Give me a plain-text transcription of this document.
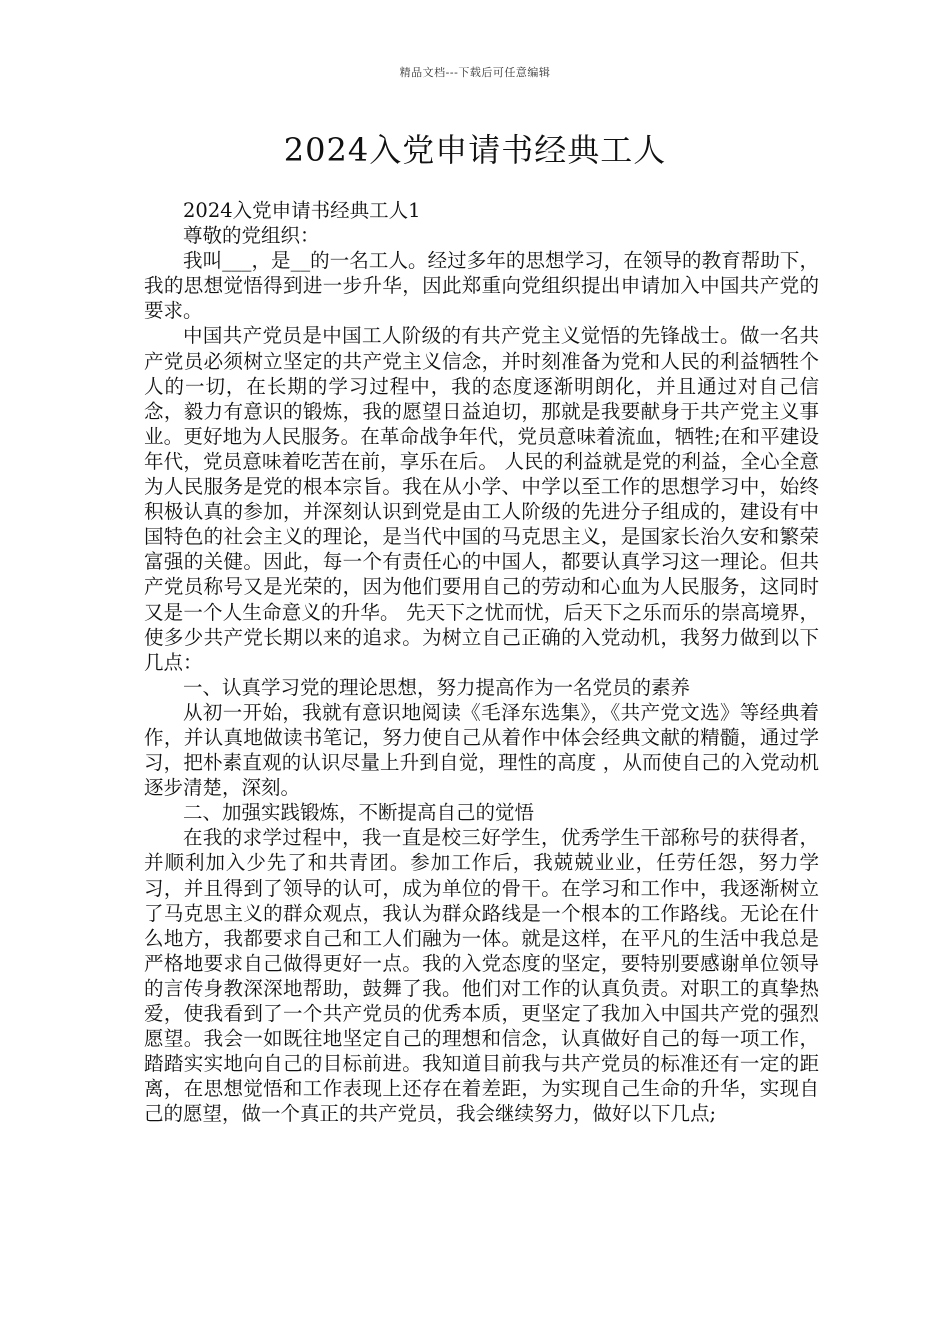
精品文档---下载后可任意编辑
2024入党申请书经典工人

2024入党申请书经典工人1

尊敬的党组织：

我叫___，是__的一名工人。经过多年的思想学习，在领导的教育帮助下，我的思想觉悟得到进一步升华，因此郑重向党组织提出申请加入中国共产党的要求。

中国共产党员是中国工人阶级的有共产党主义觉悟的先锋战士。做一名共产党员必须树立坚定的共产党主义信念，并时刻准备为党和人民的利益牺牲个人的一切，在长期的学习过程中，我的态度逐渐明朗化，并且通过对自己信念，毅力有意识的锻炼，我的愿望日益迫切，那就是我要献身于共产党主义事业。更好地为人民服务。在革命战争年代，党员意味着流血，牺牲;在和平建设年代，党员意味着吃苦在前，享乐在后。 人民的利益就是党的利益，全心全意为人民服务是党的根本宗旨。我在从小学、中学以至工作的思想学习中，始终积极认真的参加，并深刻认识到党是由工人阶级的先进分子组成的，建设有中国特色的社会主义的理论，是当代中国的马克思主义，是国家长治久安和繁荣富强的关健。因此，每一个有责任心的中国人，都要认真学习这一理论。但共产党员称号又是光荣的，因为他们要用自己的劳动和心血为人民服务，这同时又是一个人生命意义的升华。 先天下之忧而忧，后天下之乐而乐的崇高境界，使多少共产党长期以来的追求。为树立自己正确的入党动机，我努力做到以下几点：

一、认真学习党的理论思想，努力提高作为一名党员的素养

从初一开始，我就有意识地阅读《毛泽东选集》，《共产党文选》等经典着作，并认真地做读书笔记，努力使自己从着作中体会经典文献的精髓，通过学习，把朴素直观的认识尽量上升到自觉，理性的高度 ，从而使自己的入党动机逐步清楚，深刻。

二、加强实践锻炼，不断提高自己的觉悟

在我的求学过程中，我一直是校三好学生，优秀学生干部称号的获得者，并顺利加入少先了和共青团。参加工作后，我兢兢业业，任劳任怨，努力学习，并且得到了领导的认可，成为单位的骨干。在学习和工作中，我逐渐树立了马克思主义的群众观点，我认为群众路线是一个根本的工作路线。无论在什么地方，我都要求自己和工人们融为一体。就是这样，在平凡的生活中我总是严格地要求自己做得更好一点。我的入党态度的坚定，要特别要感谢单位领导的言传身教深深地帮助，鼓舞了我。他们对工作的认真负责。对职工的真挚热爱，使我看到了一个共产党员的优秀本质，更坚定了我加入中国共产党的强烈愿望。我会一如既往地坚定自己的理想和信念，认真做好自己的每一项工作，踏踏实实地向自己的目标前进。我知道目前我与共产党员的标准还有一定的距离，在思想觉悟和工作表现上还存在着差距，为实现自己生命的升华，实现自己的愿望，做一个真正的共产党员，我会继续努力，做好以下几点;
